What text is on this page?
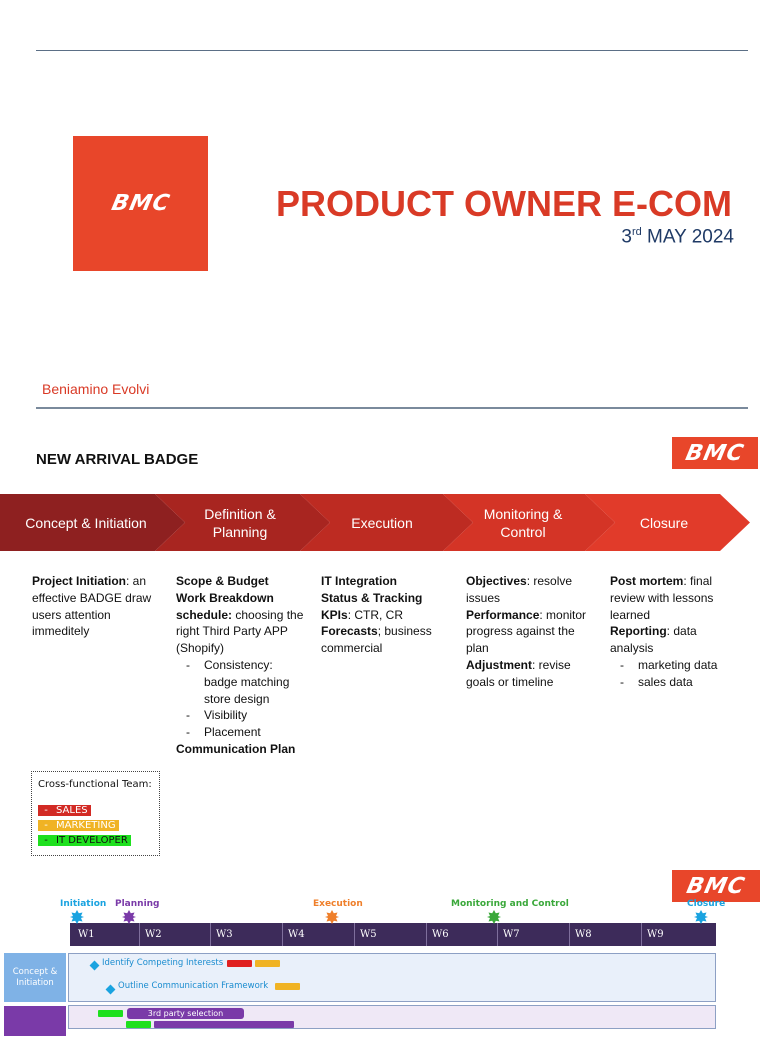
BMC	PRODUCT OWNER E-COM
3rd MAY 2024
Beniamino Evolvi
NEW ARRIVAL BADGE	BMC
Concept & Initiation
Definition & Planning
Execution
Monitoring & Control
Closure
Project Initiation: an effective BADGE draw users attention immeditely
Scope & Budget
Work Breakdown schedule: choosing the right Third Party APP (Shopify)
- Consistency: badge matching store design
- Visibility
- Placement
Communication Plan
IT Integration
Status & Tracking
KPIs: CTR, CR
Forecasts; business commercial
Objectives: resolve issues
Performance: monitor progress against the plan
Adjustment: revise goals or timeline
Post mortem: final review with lessons learned
Reporting: data analysis
- marketing data
- sales data
Cross-functional Team:
- SALES
- MARKETING
- IT DEVELOPER
BMC
Initiation Planning	Execution	Monitoring and Control	Closure
W1	W2	W3	W4	W5	W6	W7	W8	W9
Concept & Initiation
Identify Competing Interests
Outline Communication Framework
Definition & Planning
3rd party selection
